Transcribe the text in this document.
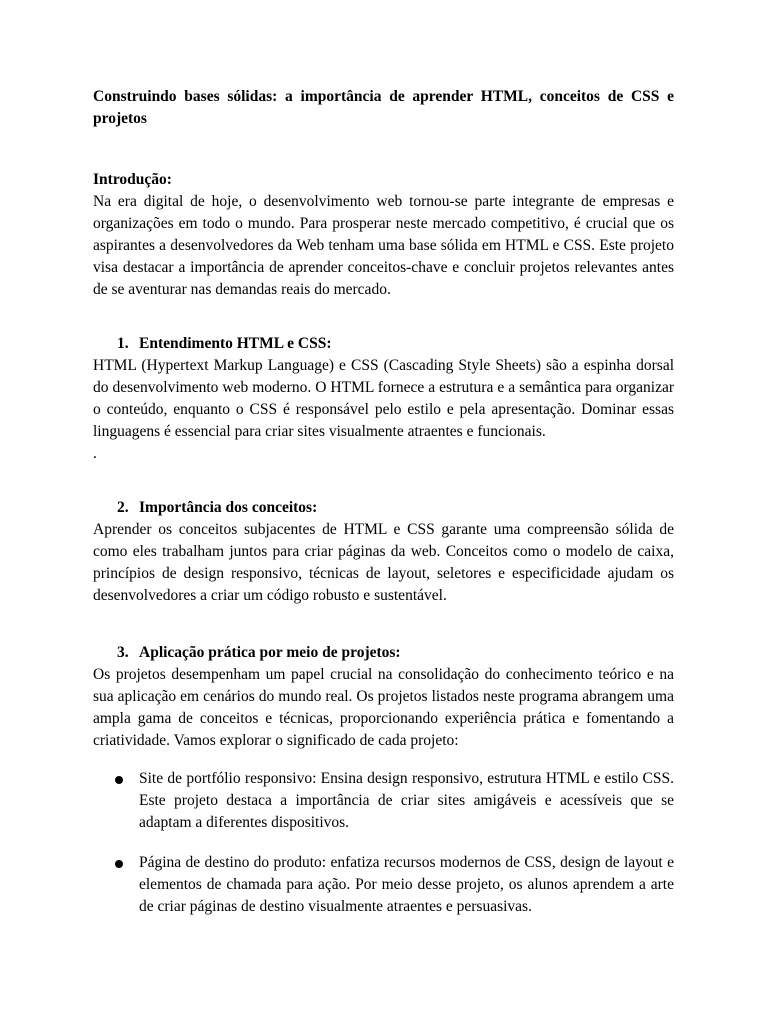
Construindo bases sólidas: a importância de aprender HTML, conceitos de CSS e projetos
Introdução:

Na era digital de hoje, o desenvolvimento web tornou-se parte integrante de empresas e organizações em todo o mundo. Para prosperar neste mercado competitivo, é crucial que os aspirantes a desenvolvedores da Web tenham uma base sólida em HTML e CSS. Este projeto visa destacar a importância de aprender conceitos-chave e concluir projetos relevantes antes de se aventurar nas demandas reais do mercado.

1. Entendimento HTML e CSS:

HTML (Hypertext Markup Language) e CSS (Cascading Style Sheets) são a espinha dorsal do desenvolvimento web moderno. O HTML fornece a estrutura e a semântica para organizar o conteúdo, enquanto o CSS é responsável pelo estilo e pela apresentação. Dominar essas linguagens é essencial para criar sites visualmente atraentes e funcionais.

.

2. Importância dos conceitos:

Aprender os conceitos subjacentes de HTML e CSS garante uma compreensão sólida de como eles trabalham juntos para criar páginas da web. Conceitos como o modelo de caixa, princípios de design responsivo, técnicas de layout, seletores e especificidade ajudam os desenvolvedores a criar um código robusto e sustentável.

3. Aplicação prática por meio de projetos:

Os projetos desempenham um papel crucial na consolidação do conhecimento teórico e na sua aplicação em cenários do mundo real. Os projetos listados neste programa abrangem uma ampla gama de conceitos e técnicas, proporcionando experiência prática e fomentando a criatividade. Vamos explorar o significado de cada projeto:

Site de portfólio responsivo: Ensina design responsivo, estrutura HTML e estilo CSS. Este projeto destaca a importância de criar sites amigáveis e acessíveis que se adaptam a diferentes dispositivos.

Página de destino do produto: enfatiza recursos modernos de CSS, design de layout e elementos de chamada para ação. Por meio desse projeto, os alunos aprendem a arte de criar páginas de destino visualmente atraentes e persuasivas.
